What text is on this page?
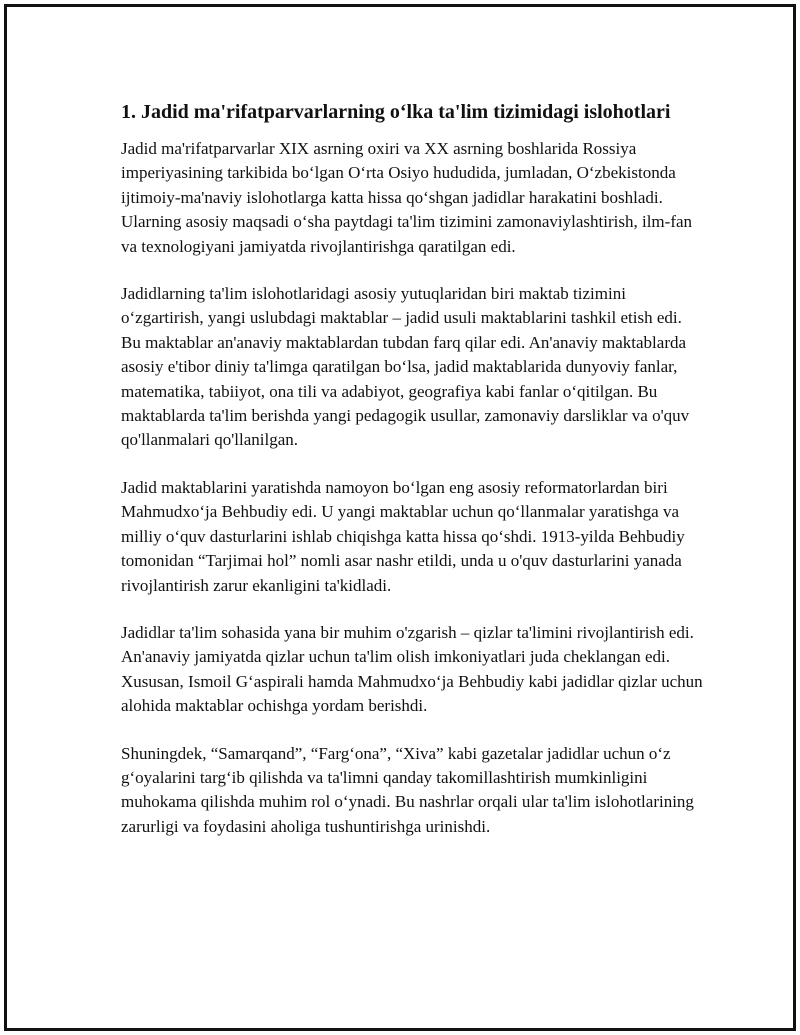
1. Jadid ma'rifatparvarlarning o‘lka ta'lim tizimidagi islohotlari

Jadid ma'rifatparvarlar XIX asrning oxiri va XX asrning boshlarida Rossiya imperiyasining tarkibida bo‘lgan O‘rta Osiyo hududida, jumladan, O‘zbekistonda ijtimoiy-ma'naviy islohotlarga katta hissa qo‘shgan jadidlar harakatini boshladi. Ularning asosiy maqsadi o‘sha paytdagi ta'lim tizimini zamonaviylashtirish, ilm-fan va texnologiyani jamiyatda rivojlantirishga qaratilgan edi.

Jadidlarning ta'lim islohotlaridagi asosiy yutuqlaridan biri maktab tizimini o‘zgartirish, yangi uslubdagi maktablar – jadid usuli maktablarini tashkil etish edi. Bu maktablar an'anaviy maktablardan tubdan farq qilar edi. An'anaviy maktablarda asosiy e'tibor diniy ta'limga qaratilgan bo‘lsa, jadid maktablarida dunyoviy fanlar, matematika, tabiiyot, ona tili va adabiyot, geografiya kabi fanlar o‘qitilgan. Bu maktablarda ta'lim berishda yangi pedagogik usullar, zamonaviy darsliklar va o'quv qo'llanmalari qo'llanilgan.

Jadid maktablarini yaratishda namoyon bo‘lgan eng asosiy reformatorlardan biri Mahmudxo‘ja Behbudiy edi. U yangi maktablar uchun qo‘llanmalar yaratishga va milliy o‘quv dasturlarini ishlab chiqishga katta hissa qo‘shdi. 1913-yilda Behbudiy tomonidan “Tarjimai hol” nomli asar nashr etildi, unda u o'quv dasturlarini yanada rivojlantirish zarur ekanligini ta'kidladi.

Jadidlar ta'lim sohasida yana bir muhim o'zgarish – qizlar ta'limini rivojlantirish edi. An'anaviy jamiyatda qizlar uchun ta'lim olish imkoniyatlari juda cheklangan edi. Xususan, Ismoil G‘aspirali hamda Mahmudxo‘ja Behbudiy kabi jadidlar qizlar uchun alohida maktablar ochishga yordam berishdi.

Shuningdek, “Samarqand”, “Farg‘ona”, “Xiva” kabi gazetalar jadidlar uchun o‘z g‘oyalarini targ‘ib qilishda va ta'limni qanday takomillashtirish mumkinligini muhokama qilishda muhim rol o‘ynadi. Bu nashrlar orqali ular ta'lim islohotlarining zarurligi va foydasini aholiga tushuntirishga urinishdi.
